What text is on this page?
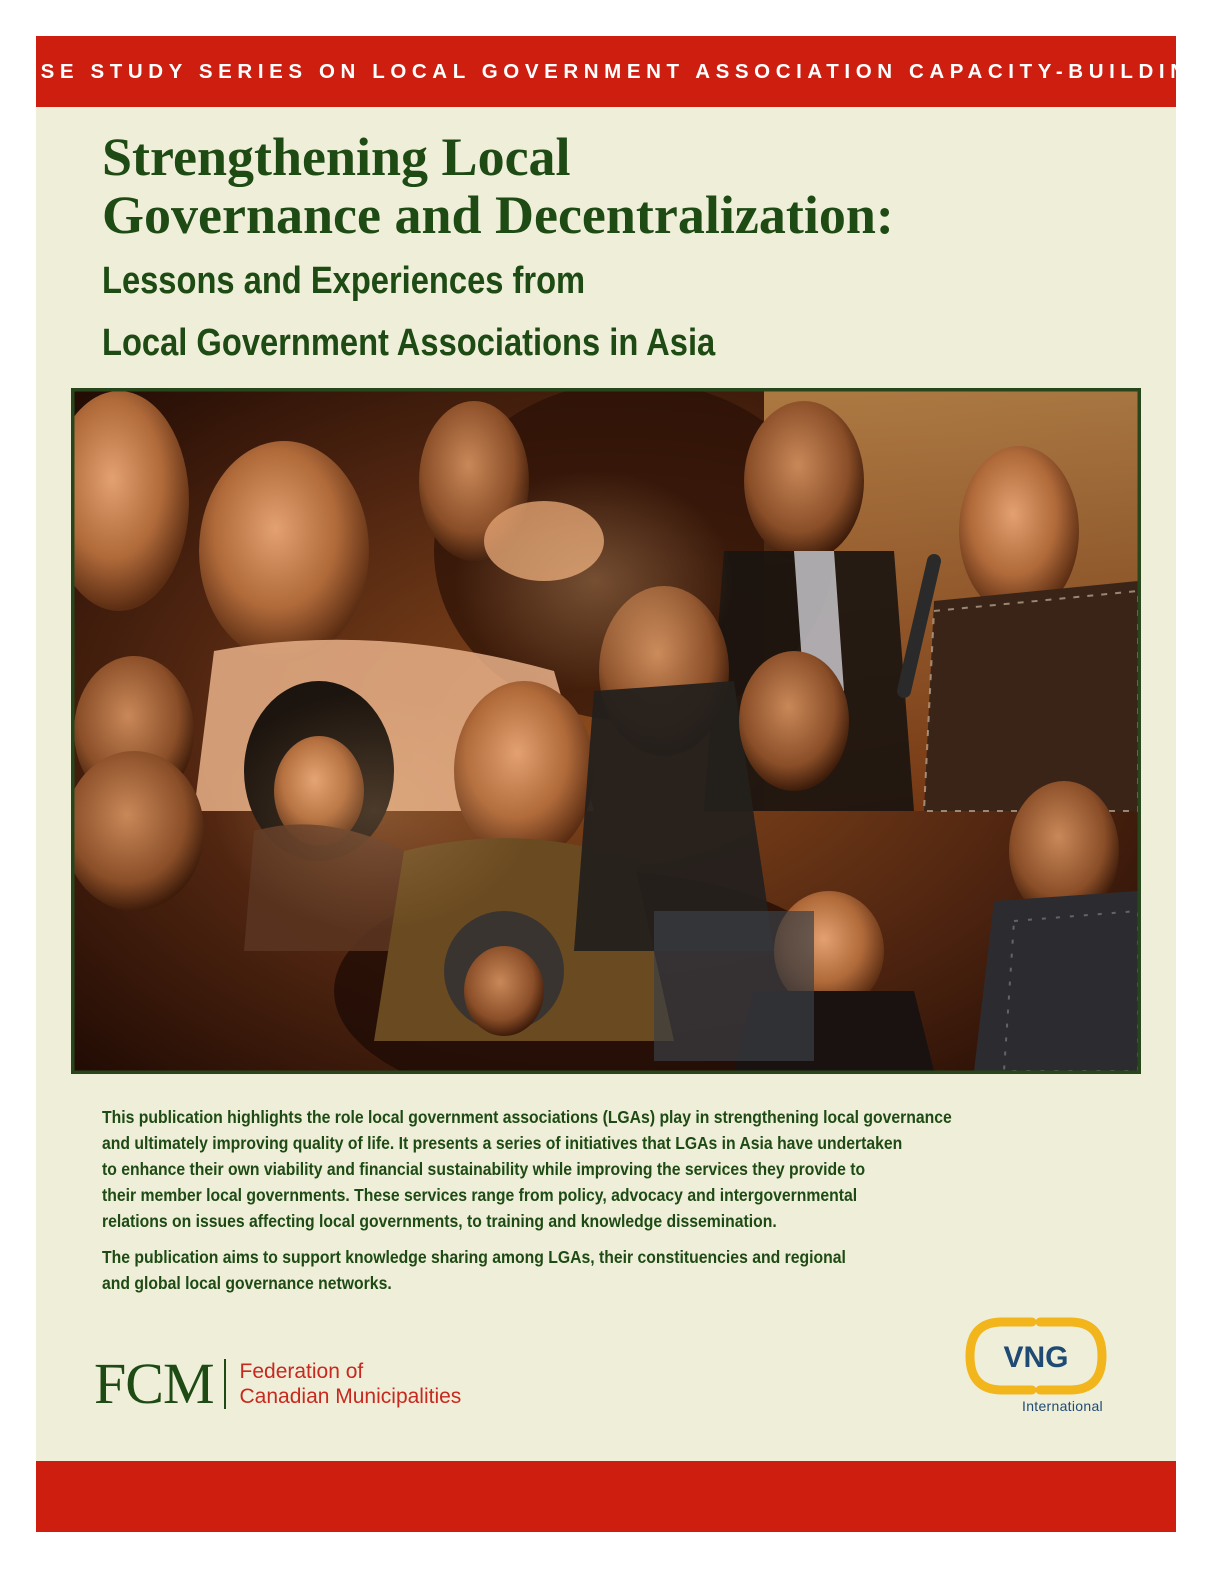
CASE STUDY SERIES ON LOCAL GOVERNMENT ASSOCIATION CAPACITY-BUILDING
Strengthening Local
Governance and Decentralization:
Lessons and Experiences from
Local Government Associations in Asia

This publication highlights the role local government associations (LGAs) play in strengthening local governance
and ultimately improving quality of life. It presents a series of initiatives that LGAs in Asia have undertaken
to enhance their own viability and financial sustainability while improving the services they provide to
their member local governments. These services range from policy, advocacy and intergovernmental
relations on issues affecting local governments, to training and knowledge dissemination.

The publication aims to support knowledge sharing among LGAs, their constituencies and regional
and global local governance networks.

FCM Federation of
Canadian Municipalities
VNG
International
